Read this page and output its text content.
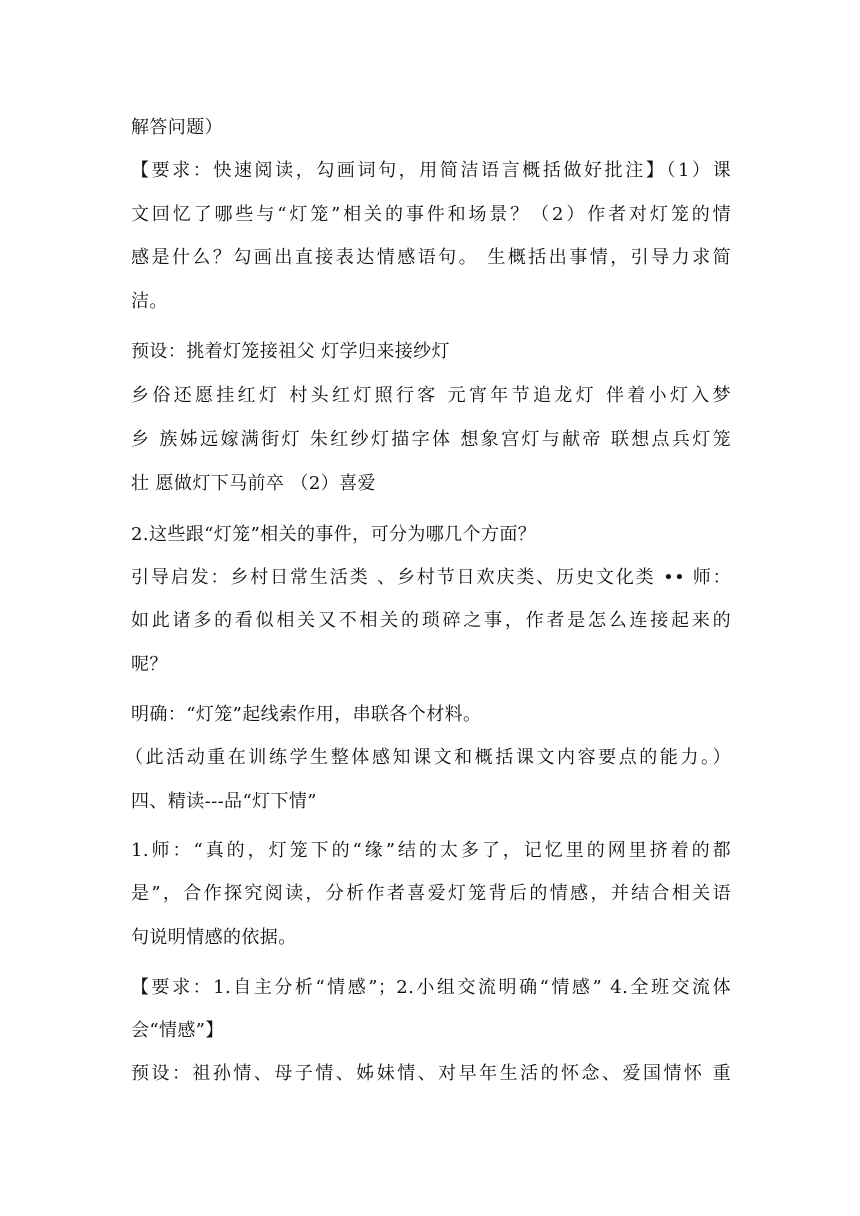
解答问题）
【要求：快速阅读，勾画词句，用简洁语言概括做好批注】（1）课
文回忆了哪些与“灯笼”相关的事件和场景？（2）作者对灯笼的情
感是什么？勾画出直接表达情感语句。 生概括出事情，引导力求简
洁。
预设：挑着灯笼接祖父 灯学归来接纱灯
乡俗还愿挂红灯 村头红灯照行客 元宵年节追龙灯 伴着小灯入梦
乡 族姊远嫁满街灯 朱红纱灯描字体 想象宫灯与献帝 联想点兵灯笼
壮 愿做灯下马前卒 （2）喜爱
2.这些跟“灯笼”相关的事件，可分为哪几个方面？
引导启发：乡村日常生活类 、乡村节日欢庆类、历史文化类 •• 师：
如此诸多的看似相关又不相关的琐碎之事，作者是怎么连接起来的
呢？
明确：“灯笼”起线索作用，串联各个材料。
（此活动重在训练学生整体感知课文和概括课文内容要点的能力。）
四、精读---品“灯下情”
1.师：“真的，灯笼下的“缘”结的太多了，记忆里的网里挤着的都
是”，合作探究阅读，分析作者喜爱灯笼背后的情感，并结合相关语
句说明情感的依据。
【要求：1.自主分析“情感”；2.小组交流明确“情感” 4.全班交流体
会“情感”】
预设：祖孙情、母子情、姊妹情、对早年生活的怀念、爱国情怀 重
